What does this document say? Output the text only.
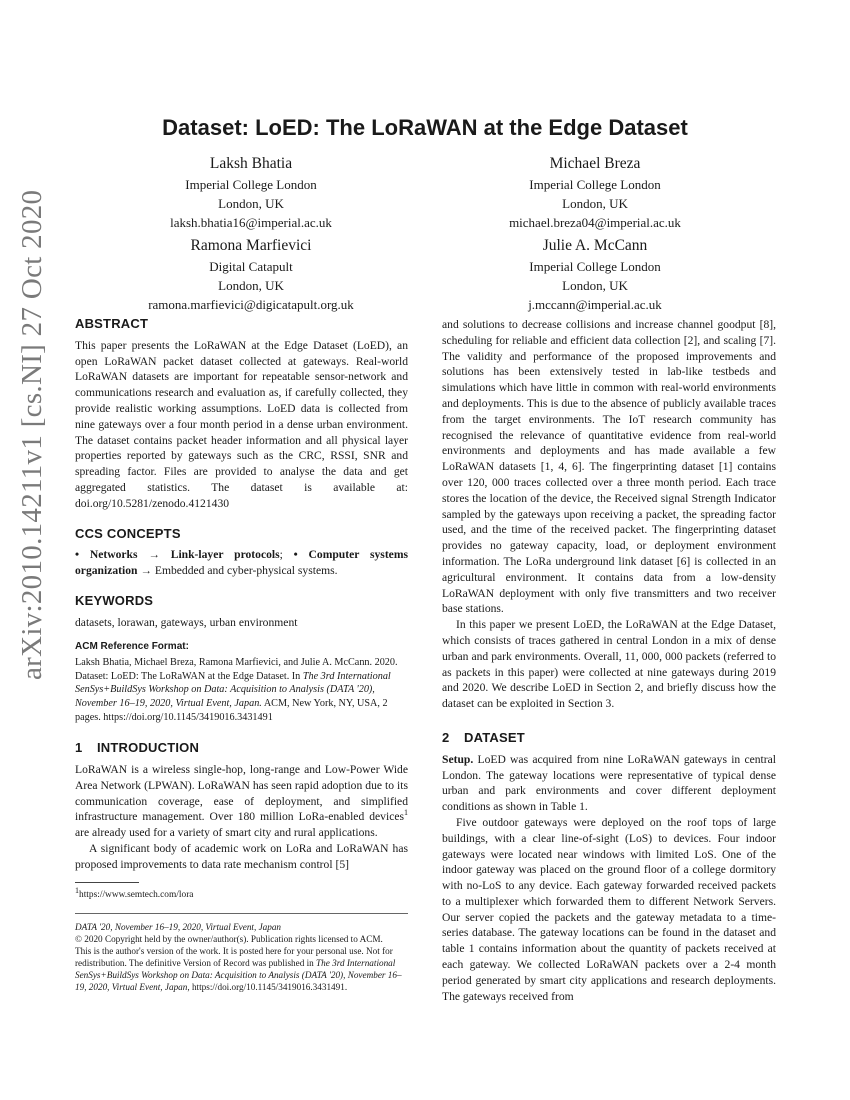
arXiv:2010.14211v1 [cs.NI] 27 Oct 2020
Dataset: LoED: The LoRaWAN at the Edge Dataset
Laksh Bhatia
Imperial College London
London, UK
laksh.bhatia16@imperial.ac.uk
Michael Breza
Imperial College London
London, UK
michael.breza04@imperial.ac.uk
Ramona Marfievici
Digital Catapult
London, UK
ramona.marfievici@digicatapult.org.uk
Julie A. McCann
Imperial College London
London, UK
j.mccann@imperial.ac.uk
ABSTRACT

This paper presents the LoRaWAN at the Edge Dataset (LoED), an open LoRaWAN packet dataset collected at gateways. Real-world LoRaWAN datasets are important for repeatable sensor-network and communications research and evaluation as, if carefully collected, they provide realistic working assumptions. LoED data is collected from nine gateways over a four month period in a dense urban environment. The dataset contains packet header information and all physical layer properties reported by gateways such as the CRC, RSSI, SNR and spreading factor. Files are provided to analyse the data and get aggregated statistics. The dataset is available at: doi.org/10.5281/zenodo.4121430

CCS CONCEPTS

• Networks → Link-layer protocols; • Computer systems organization → Embedded and cyber-physical systems.

KEYWORDS

datasets, lorawan, gateways, urban environment

ACM Reference Format:

Laksh Bhatia, Michael Breza, Ramona Marfievici, and Julie A. McCann. 2020. Dataset: LoED: The LoRaWAN at the Edge Dataset. In The 3rd International SenSys+BuildSys Workshop on Data: Acquisition to Analysis (DATA '20), November 16–19, 2020, Virtual Event, Japan. ACM, New York, NY, USA, 2 pages. https://doi.org/10.1145/3419016.3431491

1 INTRODUCTION

LoRaWAN is a wireless single-hop, long-range and Low-Power Wide Area Network (LPWAN). LoRaWAN has seen rapid adoption due to its communication coverage, ease of deployment, and simplified infrastructure management. Over 180 million LoRa-enabled devices$^1$ are already used for a variety of smart city and rural applications.

A significant body of academic work on LoRa and LoRaWAN has proposed improvements to data rate mechanism control [5]

$^1$https://www.semtech.com/lora
DATA '20, November 16–19, 2020, Virtual Event, Japan
© 2020 Copyright held by the owner/author(s). Publication rights licensed to ACM.
This is the author's version of the work. It is posted here for your personal use. Not for redistribution. The definitive Version of Record was published in The 3rd International SenSys+BuildSys Workshop on Data: Acquisition to Analysis (DATA '20), November 16–19, 2020, Virtual Event, Japan, https://doi.org/10.1145/3419016.3431491.

and solutions to decrease collisions and increase channel goodput [8], scheduling for reliable and efficient data collection [2], and scaling [7]. The validity and performance of the proposed improvements and solutions has been extensively tested in lab-like testbeds and simulations which have little in common with real-world environments and deployments. This is due to the absence of publicly available traces from the target environments. The IoT research community has recognised the relevance of quantitative evidence from real-world environments and deployments and has made available a few LoRaWAN datasets [1, 4, 6]. The fingerprinting dataset [1] contains over 120, 000 traces collected over a three month period. Each trace stores the location of the device, the Received signal Strength Indicator sampled by the gateways upon receiving a packet, the spreading factor used, and the time of the received packet. The fingerprinting dataset provides no gateway capacity, load, or deployment environment information. The LoRa underground link dataset [6] is collected in an agricultural environment. It contains data from a low-density LoRaWAN deployment with only five transmitters and two receiver base stations.

In this paper we present LoED, the LoRaWAN at the Edge Dataset, which consists of traces gathered in central London in a mix of dense urban and park environments. Overall, 11, 000, 000 packets (referred to as packets in this paper) were collected at nine gateways during 2019 and 2020. We describe LoED in Section 2, and briefly discuss how the dataset can be exploited in Section 3.

2 DATASET

Setup. LoED was acquired from nine LoRaWAN gateways in central London. The gateway locations were representative of typical dense urban and park environments and cover different deployment conditions as shown in Table 1.

Five outdoor gateways were deployed on the roof tops of large buildings, with a clear line-of-sight (LoS) to devices. Four indoor gateways were located near windows with limited LoS. One of the indoor gateway was placed on the ground floor of a college dormitory with no-LoS to any device. Each gateway forwarded received packets to a multiplexer which forwarded them to different Network Servers. Our server copied the packets and the gateway metadata to a time-series database. The gateway locations can be found in the dataset and table 1 contains information about the quantity of packets received at each gateway. We collected LoRaWAN packets over a 2-4 month period generated by smart city applications and research deployments. The gateways received from
